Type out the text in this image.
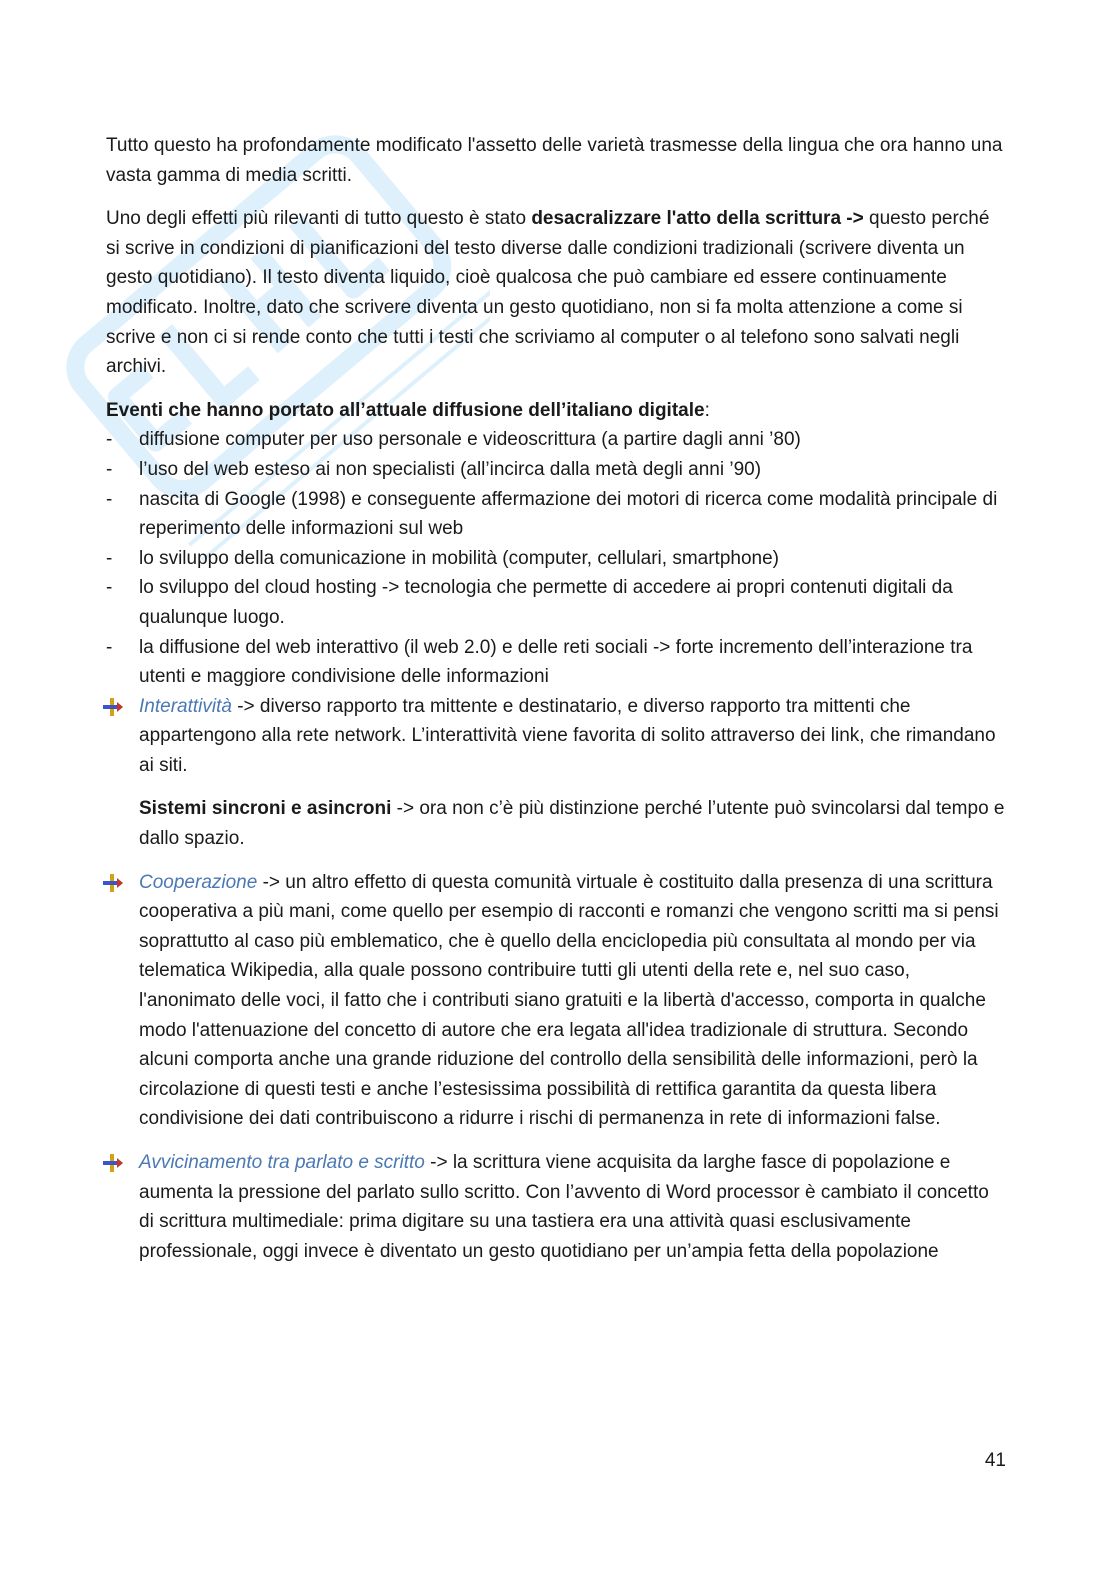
Tutto questo ha profondamente modificato l'assetto delle varietà trasmesse della lingua che ora hanno una vasta gamma di media scritti.

Uno degli effetti più rilevanti di tutto questo è stato desacralizzare l'atto della scrittura -> questo perché si scrive in condizioni di pianificazioni del testo diverse dalle condizioni tradizionali (scrivere diventa un gesto quotidiano). Il testo diventa liquido, cioè qualcosa che può cambiare ed essere continuamente modificato. Inoltre, dato che scrivere diventa un gesto quotidiano, non si fa molta attenzione a come si scrive e non ci si rende conto che tutti i testi che scriviamo al computer o al telefono sono salvati negli archivi.

Eventi che hanno portato all’attuale diffusione dell’italiano digitale:

- diffusione computer per uso personale e videoscrittura (a partire dagli anni ’80)
- l’uso del web esteso ai non specialisti (all’incirca dalla metà degli anni ’90)
- nascita di Google (1998) e conseguente affermazione dei motori di ricerca come modalità principale di reperimento delle informazioni sul web
- lo sviluppo della comunicazione in mobilità (computer, cellulari, smartphone)
- lo sviluppo del cloud hosting -> tecnologia che permette di accedere ai propri contenuti digitali da qualunque luogo.
- la diffusione del web interattivo (il web 2.0) e delle reti sociali -> forte incremento dell’interazione tra utenti e maggiore condivisione delle informazioni
Interattività -> diverso rapporto tra mittente e destinatario, e diverso rapporto tra mittenti che appartengono alla rete network. L’interattività viene favorita di solito attraverso dei link, che rimandano ai siti.

Sistemi sincroni e asincroni -> ora non c’è più distinzione perché l’utente può svincolarsi dal tempo e dallo spazio.

Cooperazione -> un altro effetto di questa comunità virtuale è costituito dalla presenza di una scrittura cooperativa a più mani, come quello per esempio di racconti e romanzi che vengono scritti ma si pensi soprattutto al caso più emblematico, che è quello della enciclopedia più consultata al mondo per via telematica Wikipedia, alla quale possono contribuire tutti gli utenti della rete e, nel suo caso, l'anonimato delle voci, il fatto che i contributi siano gratuiti e la libertà d'accesso, comporta in qualche modo l'attenuazione del concetto di autore che era legata all'idea tradizionale di struttura. Secondo alcuni comporta anche una grande riduzione del controllo della sensibilità delle informazioni, però la circolazione di questi testi e anche l’estesissima possibilità di rettifica garantita da questa libera condivisione dei dati contribuiscono a ridurre i rischi di permanenza in rete di informazioni false.
Avvicinamento tra parlato e scritto -> la scrittura viene acquisita da larghe fasce di popolazione e aumenta la pressione del parlato sullo scritto. Con l’avvento di Word processor è cambiato il concetto di scrittura multimediale: prima digitare su una tastiera era una attività quasi esclusivamente professionale, oggi invece è diventato un gesto quotidiano per un’ampia fetta della popolazione
41
